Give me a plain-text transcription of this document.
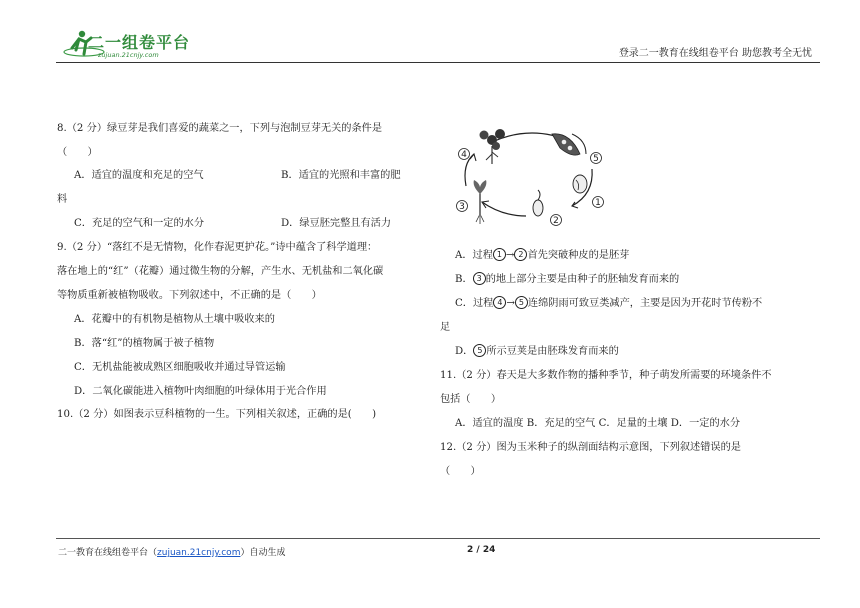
二一组卷平台
zujuan.21cnjy.com	登录二一教育在线组卷平台 助您教考全无忧
8.（2 分）绿豆芽是我们喜爱的蔬菜之一，下列与泡制豆芽无关的条件是
（　　）
A．适宜的温度和充足的空气	B．适宜的光照和丰富的肥
料
C．充足的空气和一定的水分	D．绿豆胚完整且有活力
9.（2 分）“落红不是无情物，化作春泥更护花。”诗中蕴含了科学道理：
落在地上的“红”（花瓣）通过微生物的分解，产生水、无机盐和二氧化碳
等物质重新被植物吸收。下列叙述中，不正确的是（　　）
A．花瓣中的有机物是植物从土壤中吸收来的
B．落“红”的植物属于被子植物
C．无机盐能被成熟区细胞吸收并通过导管运输
D．二氧化碳能进入植物叶肉细胞的叶绿体用于光合作用
10.（2 分）如图表示豆科植物的一生。下列相关叙述，正确的是(　　)
4	5
3
2
1
A．过程 1 → 2 首先突破种皮的是胚芽
B． 3 的地上部分主要是由种子的胚轴发育而来的
C．过程 4 → 5 连绵阴雨可致豆类减产，主要是因为开花时节传粉不
足
D． 5 所示豆荚是由胚珠发育而来的
11.（2 分）春天是大多数作物的播种季节，种子萌发所需要的环境条件不
包括（　　）
A．适宜的温度 B．充足的空气 C．足量的土壤 D．一定的水分
12.（2 分）图为玉米种子的纵剖面结构示意图，下列叙述错误的是
（　　）
二一教育在线组卷平台（zujuan.21cnjy.com）自动生成	2 / 24
